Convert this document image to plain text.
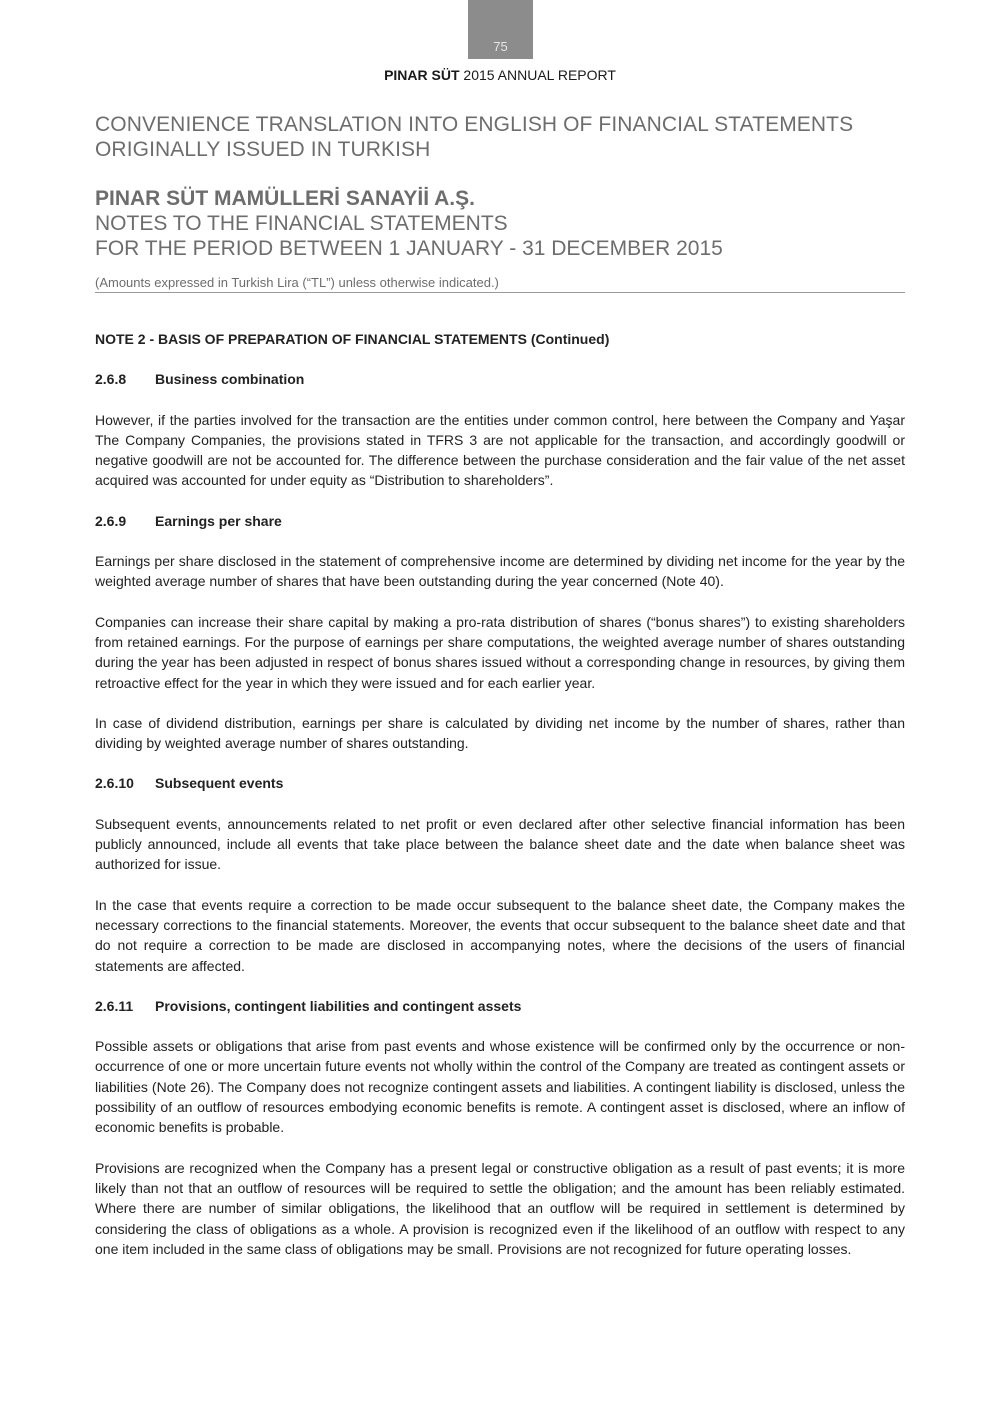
75
PINAR SÜT 2015 ANNUAL REPORT
CONVENIENCE TRANSLATION INTO ENGLISH OF FINANCIAL STATEMENTS
ORIGINALLY ISSUED IN TURKISH
PINAR SÜT MAMÜLLERİ SANAYİİ A.Ş.
NOTES TO THE FINANCIAL STATEMENTS
FOR THE PERIOD BETWEEN 1 JANUARY - 31 DECEMBER 2015
(Amounts expressed in Turkish Lira (“TL”) unless otherwise indicated.)
NOTE 2 - BASIS OF PREPARATION OF FINANCIAL STATEMENTS (Continued)
2.6.8 Business combination

However, if the parties involved for the transaction are the entities under common control, here between the Company and Yaşar The Company Companies, the provisions stated in TFRS 3 are not applicable for the transaction, and accordingly goodwill or negative goodwill are not be accounted for. The difference between the purchase consideration and the fair value of the net asset acquired was accounted for under equity as “Distribution to shareholders”.

2.6.9 Earnings per share

Earnings per share disclosed in the statement of comprehensive income are determined by dividing net income for the year by the weighted average number of shares that have been outstanding during the year concerned (Note 40).

Companies can increase their share capital by making a pro-rata distribution of shares (“bonus shares”) to existing shareholders from retained earnings. For the purpose of earnings per share computations, the weighted average number of shares outstanding during the year has been adjusted in respect of bonus shares issued without a corresponding change in resources, by giving them retroactive effect for the year in which they were issued and for each earlier year.

In case of dividend distribution, earnings per share is calculated by dividing net income by the number of shares, rather than dividing by weighted average number of shares outstanding.

2.6.10 Subsequent events

Subsequent events, announcements related to net profit or even declared after other selective financial information has been publicly announced, include all events that take place between the balance sheet date and the date when balance sheet was authorized for issue.

In the case that events require a correction to be made occur subsequent to the balance sheet date, the Company makes the necessary corrections to the financial statements. Moreover, the events that occur subsequent to the balance sheet date and that do not require a correction to be made are disclosed in accompanying notes, where the decisions of the users of financial statements are affected.

2.6.11 Provisions, contingent liabilities and contingent assets

Possible assets or obligations that arise from past events and whose existence will be confirmed only by the occurrence or non-occurrence of one or more uncertain future events not wholly within the control of the Company are treated as contingent assets or liabilities (Note 26). The Company does not recognize contingent assets and liabilities. A contingent liability is disclosed, unless the possibility of an outflow of resources embodying economic benefits is remote. A contingent asset is disclosed, where an inflow of economic benefits is probable.

Provisions are recognized when the Company has a present legal or constructive obligation as a result of past events; it is more likely than not that an outflow of resources will be required to settle the obligation; and the amount has been reliably estimated. Where there are number of similar obligations, the likelihood that an outflow will be required in settlement is determined by considering the class of obligations as a whole. A provision is recognized even if the likelihood of an outflow with respect to any one item included in the same class of obligations may be small. Provisions are not recognized for future operating losses.
